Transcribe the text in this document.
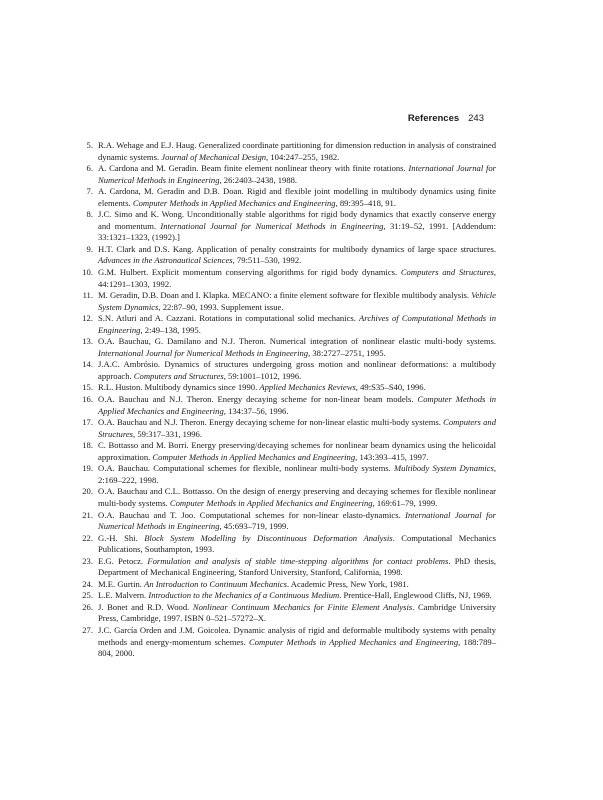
References 243
5. R.A. Wehage and E.J. Haug. Generalized coordinate partitioning for dimension reduction in analysis of constrained dynamic systems. Journal of Mechanical Design, 104:247–255, 1982.
6. A. Cardona and M. Geradin. Beam finite element nonlinear theory with finite rotations. International Journal for Numerical Methods in Engineering, 26:2403–2438, 1988.
7. A. Cardona, M. Geradin and D.B. Doan. Rigid and flexible joint modelling in multibody dynamics using finite elements. Computer Methods in Applied Mechanics and Engineering, 89:395–418, 91.
8. J.C. Simo and K. Wong. Unconditionally stable algorithms for rigid body dynamics that exactly conserve energy and momentum. International Journal for Numerical Methods in Engineering, 31:19–52, 1991. [Addendum: 33:1321–1323, (1992).]
9. H.T. Clark and D.S. Kang. Application of penalty constraints for multibody dynamics of large space structures. Advances in the Astronautical Sciences, 79:511–530, 1992.
10. G.M. Hulbert. Explicit momentum conserving algorithms for rigid body dynamics. Computers and Structures, 44:1291–1303, 1992.
11. M. Geradin, D.B. Doan and I. Klapka. MECANO: a finite element software for flexible multibody analysis. Vehicle System Dynamics, 22:87–90, 1993. Supplement issue.
12. S.N. Atluri and A. Cazzani. Rotations in computational solid mechanics. Archives of Computational Methods in Engineering, 2:49–138, 1995.
13. O.A. Bauchau, G. Damilano and N.J. Theron. Numerical integration of nonlinear elastic multi-body systems. International Journal for Numerical Methods in Engineering, 38:2727–2751, 1995.
14. J.A.C. Ambrósio. Dynamics of structures undergoing gross motion and nonlinear deformations: a multibody approach. Computers and Structures, 59:1001–1012, 1996.
15. R.L. Huston. Multibody dynamics since 1990. Applied Mechanics Reviews, 49:S35–S40, 1996.
16. O.A. Bauchau and N.J. Theron. Energy decaying scheme for non-linear beam models. Computer Methods in Applied Mechanics and Engineering, 134:37–56, 1996.
17. O.A. Bauchau and N.J. Theron. Energy decaying scheme for non-linear elastic multi-body systems. Computers and Structures, 59:317–331, 1996.
18. C. Bottasso and M. Borri. Energy preserving/decaying schemes for nonlinear beam dynamics using the helicoidal approximation. Computer Methods in Applied Mechanics and Engineering, 143:393–415, 1997.
19. O.A. Bauchau. Computational schemes for flexible, nonlinear multi-body systems. Multibody System Dynamics, 2:169–222, 1998.
20. O.A. Bauchau and C.L. Bottasso. On the design of energy preserving and decaying schemes for flexible nonlinear multi-body systems. Computer Methods in Applied Mechanics and Engineering, 169:61–79, 1999.
21. O.A. Bauchau and T. Joo. Computational schemes for non-linear elasto-dynamics. International Journal for Numerical Methods in Engineering, 45:693–719, 1999.
22. G.-H. Shi. Block System Modelling by Discontinuous Deformation Analysis. Computational Mechanics Publications, Southampton, 1993.
23. E.G. Petocz. Formulation and analysis of stable time-stepping algorithms for contact problems. PhD thesis, Department of Mechanical Engineering, Stanford University, Stanford, California, 1998.
24. M.E. Gurtin. An Introduction to Continuum Mechanics. Academic Press, New York, 1981.
25. L.E. Malvern. Introduction to the Mechanics of a Continuous Medium. Prentice-Hall, Englewood Cliffs, NJ, 1969.
26. J. Bonet and R.D. Wood. Nonlinear Continuum Mechanics for Finite Element Analysis. Cambridge University Press, Cambridge, 1997. ISBN 0–521–57272–X.
27. J.C. García Orden and J.M. Goicolea. Dynamic analysis of rigid and deformable multibody systems with penalty methods and energy-momentum schemes. Computer Methods in Applied Mechanics and Engineering, 188:789–804, 2000.
